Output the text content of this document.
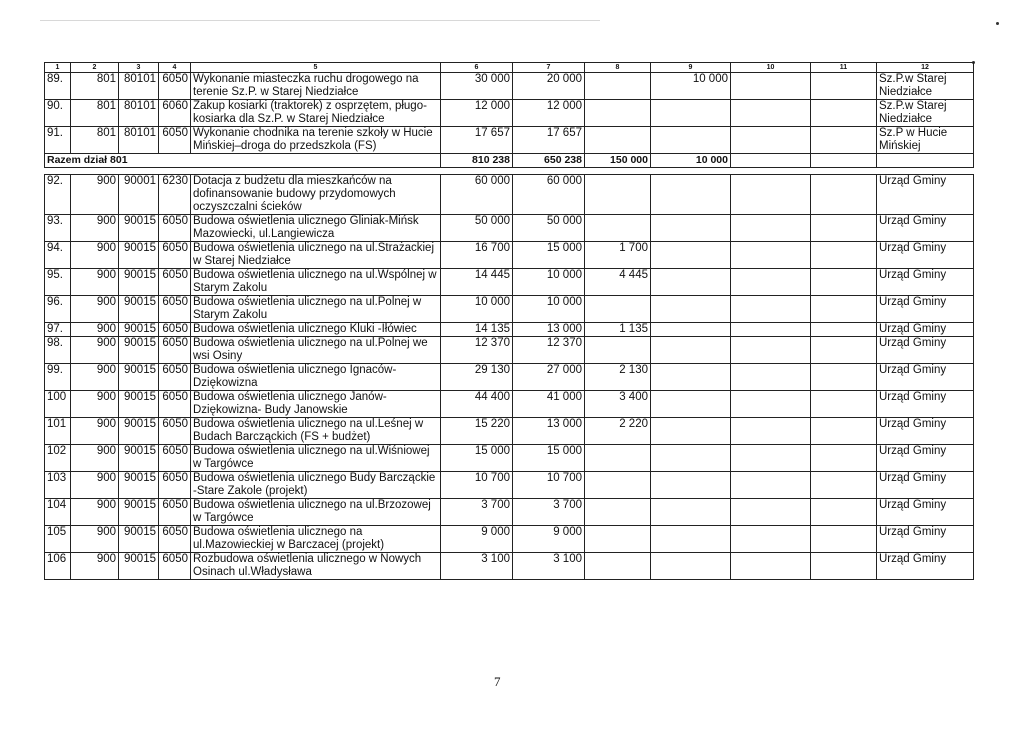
1	2	3	4	5	6	7	8	9	10	11	12
89.	801	80101	6050	Wykonanie miasteczka ruchu drogowego na terenie Sz.P. w Starej Niedziałce	30 000	20 000		10 000			Sz.P.w Starej Niedziałce
90.	801	80101	6060	Zakup kosiarki (traktorek) z osprzętem, pługo-kosiarka dla Sz.P. w Starej Niedziałce	12 000	12 000					Sz.P.w Starej Niedziałce
91.	801	80101	6050	Wykonanie chodnika na terenie szkoły w Hucie Mińskiej–droga do przedszkola (FS)	17 657	17 657					Sz.P w Hucie Mińskiej
Razem dział 801					810 238	650 238	150 000	10 000			

92.	900	90001	6230	Dotacja z budżetu dla mieszkańców na dofinansowanie budowy przydomowych oczyszczalni ścieków	60 000	60 000					Urząd Gminy
93.	900	90015	6050	Budowa oświetlenia ulicznego Gliniak-Mińsk Mazowiecki, ul.Langiewicza	50 000	50 000					Urząd Gminy
94.	900	90015	6050	Budowa oświetlenia ulicznego na ul.Strażackiej w Starej Niedziałce	16 700	15 000	1 700				Urząd Gminy
95.	900	90015	6050	Budowa oświetlenia ulicznego na ul.Wspólnej w Starym Zakolu	14 445	10 000	4 445				Urząd Gminy
96.	900	90015	6050	Budowa oświetlenia ulicznego na ul.Polnej w Starym Zakolu	10 000	10 000					Urząd Gminy
97.	900	90015	6050	Budowa oświetlenia ulicznego Kluki -Iłówiec	14 135	13 000	1 135				Urząd Gminy
98.	900	90015	6050	Budowa oświetlenia ulicznego na ul.Polnej we wsi Osiny	12 370	12 370					Urząd Gminy
99.	900	90015	6050	Budowa oświetlenia ulicznego Ignaców-Dziękowizna	29 130	27 000	2 130				Urząd Gminy
100	900	90015	6050	Budowa oświetlenia ulicznego Janów-Dziękowizna- Budy Janowskie	44 400	41 000	3 400				Urząd Gminy
101	900	90015	6050	Budowa oświetlenia ulicznego na ul.Leśnej w Budach Barcząckich (FS + budżet)	15 220	13 000	2 220				Urząd Gminy
102	900	90015	6050	Budowa oświetlenia ulicznego na ul.Wiśniowej w Targówce	15 000	15 000					Urząd Gminy
103	900	90015	6050	Budowa oświetlenia ulicznego Budy Barcząckie -Stare Zakole (projekt)	10 700	10 700					Urząd Gminy
104	900	90015	6050	Budowa oświetlenia ulicznego na ul.Brzozowej w Targówce	3 700	3 700					Urząd Gminy
105	900	90015	6050	Budowa oświetlenia ulicznego na ul.Mazowieckiej w Barczacej (projekt)	9 000	9 000					Urząd Gminy
106	900	90015	6050	Rozbudowa oświetlenia ulicznego w Nowych Osinach ul.Władysława	3 100	3 100					Urząd Gminy
7
